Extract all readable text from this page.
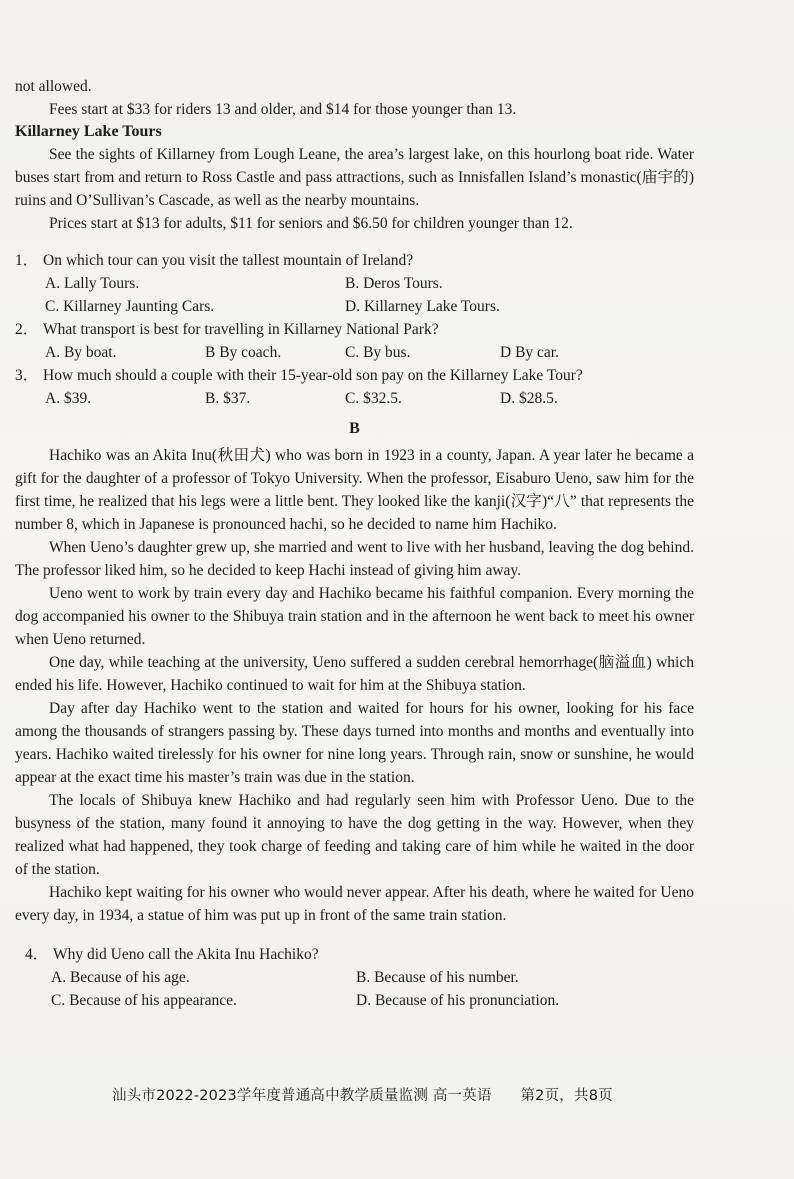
not allowed.

Fees start at $33 for riders 13 and older, and $14 for those younger than 13.

Killarney Lake Tours

See the sights of Killarney from Lough Leane, the area’s largest lake, on this hourlong boat ride. Water buses start from and return to Ross Castle and pass attractions, such as Innisfallen Island’s monastic(庙宇的) ruins and O’Sullivan’s Cascade, as well as the nearby mountains.

Prices start at $13 for adults, $11 for seniors and $6.50 for children younger than 12.

1． On which tour can you visit the tallest mountain of Ireland?
A. Lally Tours.	B. Deros Tours.
C. Killarney Jaunting Cars.	D. Killarney Lake Tours.
2． What transport is best for travelling in Killarney National Park?
A. By boat.	B By coach.	C. By bus.	D By car.
3． How much should a couple with their 15-year-old son pay on the Killarney Lake Tour?
A. $39.	B. $37.	C. $32.5.	D. $28.5.
B

Hachiko was an Akita Inu(秋田犬) who was born in 1923 in a county, Japan. A year later he became a gift for the daughter of a professor of Tokyo University. When the professor, Eisaburo Ueno, saw him for the first time, he realized that his legs were a little bent. They looked like the kanji(汉字)“八” that represents the number 8, which in Japanese is pronounced hachi, so he decided to name him Hachiko.

When Ueno’s daughter grew up, she married and went to live with her husband, leaving the dog behind. The professor liked him, so he decided to keep Hachi instead of giving him away.

Ueno went to work by train every day and Hachiko became his faithful companion. Every morning the dog accompanied his owner to the Shibuya train station and in the afternoon he went back to meet his owner when Ueno returned.

One day, while teaching at the university, Ueno suffered a sudden cerebral hemorrhage(脑溢血) which ended his life. However, Hachiko continued to wait for him at the Shibuya station.

Day after day Hachiko went to the station and waited for hours for his owner, looking for his face among the thousands of strangers passing by. These days turned into months and months and eventually into years. Hachiko waited tirelessly for his owner for nine long years. Through rain, snow or sunshine, he would appear at the exact time his master’s train was due in the station.

The locals of Shibuya knew Hachiko and had regularly seen him with Professor Ueno. Due to the busyness of the station, many found it annoying to have the dog getting in the way. However, when they realized what had happened, they took charge of feeding and taking care of him while he waited in the door of the station.

Hachiko kept waiting for his owner who would never appear. After his death, where he waited for Ueno every day, in 1934, a statue of him was put up in front of the same train station.

4． Why did Ueno call the Akita Inu Hachiko?
A. Because of his age.	B. Because of his number.
C. Because of his appearance.	D. Because of his pronunciation.
汕头市2022-2023学年度普通高中教学质量监测 高一英语 第2页，共8页
